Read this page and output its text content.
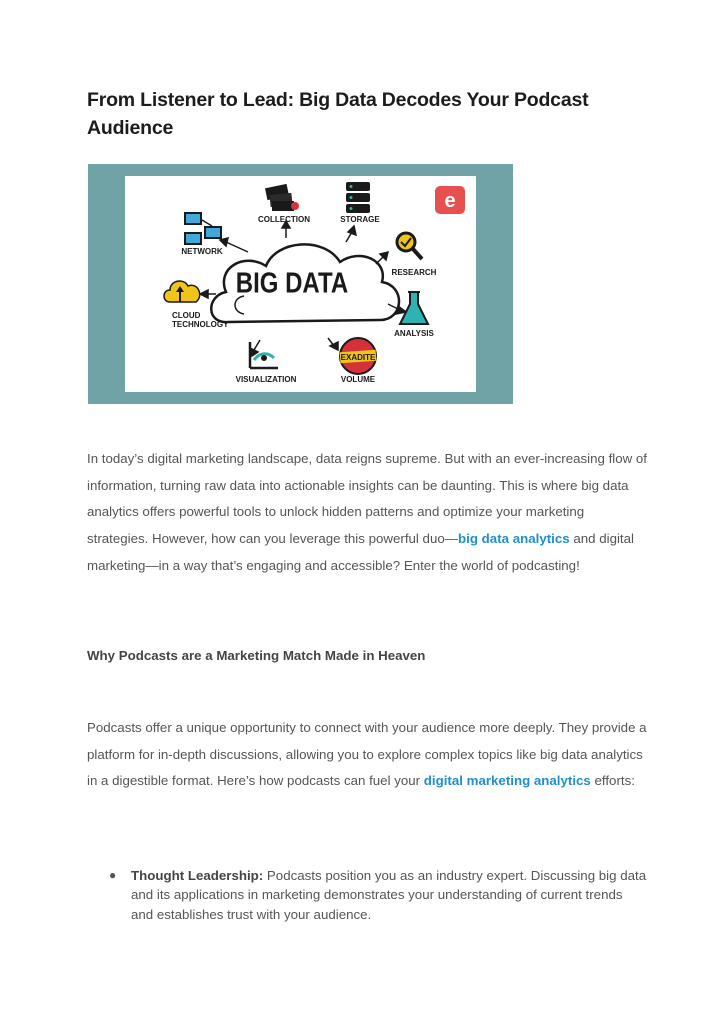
From Listener to Lead: Big Data Decodes Your Podcast Audience
BIG DATA
COLLECTION	STORAGE
e
NETWORK
RESEARCH
CLOUD
TECHNOLOGY
ANALYSIS
VISUALIZATION
EXADITE
VOLUME

In today’s digital marketing landscape, data reigns supreme. But with an ever-increasing flow of information, turning raw data into actionable insights can be daunting. This is where big data analytics offers powerful tools to unlock hidden patterns and optimize your marketing strategies. However, how can you leverage this powerful duo—big data analytics and digital marketing—in a way that’s engaging and accessible? Enter the world of podcasting!

Why Podcasts are a Marketing Match Made in Heaven

Podcasts offer a unique opportunity to connect with your audience more deeply. They provide a platform for in-depth discussions, allowing you to explore complex topics like big data analytics in a digestible format. Here’s how podcasts can fuel your digital marketing analytics efforts:

● Thought Leadership: Podcasts position you as an industry expert. Discussing big data and its applications in marketing demonstrates your understanding of current trends and establishes trust with your audience.
